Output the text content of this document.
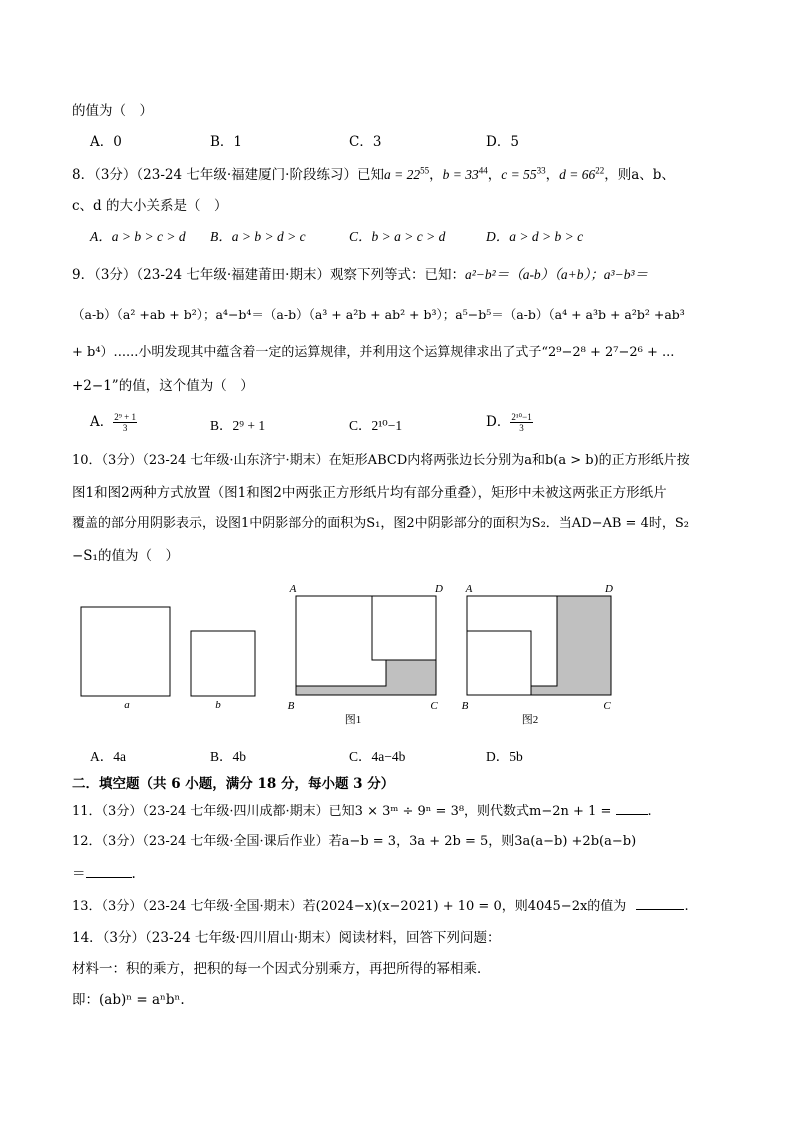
的值为（　）
A．0	B．1	C．3	D．5
8．（3分）（23-24 七年级·福建厦门·阶段练习）已知$a = 22^{55}$，$b = 33^{44}$，$c = 55^{33}$，$d = 66^{22}$，则a、b、
c、d 的大小关系是（　）
A．a > b > c > d B．a > b > d > c	C．b > a > c > d	D．a > d > b > c
9．（3分）（23-24 七年级·福建莆田·期末）观察下列等式：已知：a²−b²＝（a-b）（a+b）；a³−b³＝
（a-b）（a² +ab + b²）；a⁴−b⁴＝（a-b）（a³ + a²b + ab² + b³）；a⁵−b⁵＝（a-b）（a⁴ + a³b + a²b² +ab³
+ b⁴）......小明发现其中蕴含着一定的运算规律，并利用这个运算规律求出了式子“2⁹−2⁸ + 2⁷−2⁶ + ...
+2−1”的值，这个值为（　）
A． $\frac{\text{2⁹ + 1}}{3}$	B．2⁹ + 1	C．2¹⁰−1	D． $\frac{\text{2¹⁰−1}}{3}$
10．（3分）（23-24 七年级·山东济宁·期末）在矩形ABCD内将两张边长分别为a和b(a > b)的正方形纸片按
图1和图2两种方式放置（图1和图2中两张正方形纸片均有部分重叠），矩形中未被这两张正方形纸片
覆盖的部分用阴影表示，设图1中阴影部分的面积为S₁，图2中阴影部分的面积为S₂．当AD−AB = 4时，S₂
−S₁的值为（　）
a	b
A	D
B	C
图1
A	D
B	C
图2
A．4a	B．4b	C．4a−4b	D．5b
二．填空题（共 6 小题，满分 18 分，每小题 3 分）
11．（3分）（23-24 七年级·四川成都·期末）已知3 × 3ᵐ ÷ 9ⁿ = 3⁸，则代数式m−2n + 1 =	.
12．（3分）（23-24 七年级·全国·课后作业）若a−b = 3，3a + 2b = 5，则3a(a−b) +2b(a−b)
＝	.
13．（3分）（23-24 七年级·全国·期末）若(2024−x)(x−2021) + 10 = 0，则4045−2x的值为	.
14．（3分）（23-24 七年级·四川眉山·期末）阅读材料，回答下列问题：
材料一：积的乘方，把积的每一个因式分别乘方，再把所得的幂相乘．
即：(ab)ⁿ = aⁿbⁿ.
